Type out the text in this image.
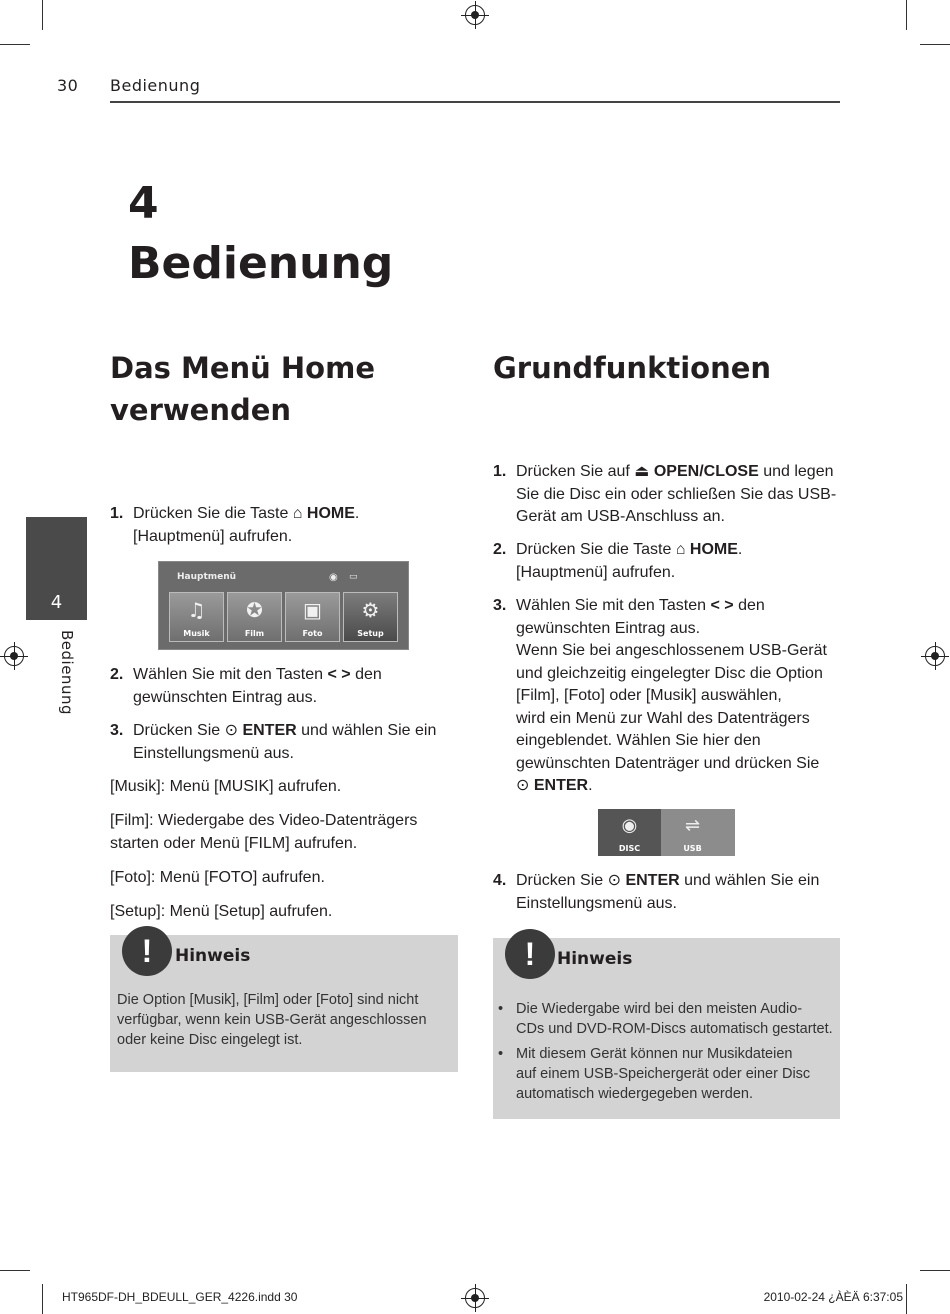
30 Bedienung
4
Bedienung
4
Bedienung
Das Menü Home verwenden
1. Drücken Sie die Taste ⌂ HOME.
[Hauptmenü] aufrufen.
Hauptmenü	◉ ▭
♫
Musik
✪
Film
▣
Foto
⚙
Setup
2. Wählen Sie mit den Tasten < > den
gewünschten Eintrag aus.
3. Drücken Sie ⊙ ENTER und wählen Sie ein
Einstellungsmenü aus.
[Musik]: Menü [MUSIK] aufrufen.
[Film]: Wiedergabe des Video-Datenträgers
starten oder Menü [FILM] aufrufen.
[Foto]: Menü [FOTO] aufrufen.
[Setup]: Menü [Setup] aufrufen.
!	Hinweis
Die Option [Musik], [Film] oder [Foto] sind nicht
verfügbar, wenn kein USB-Gerät angeschlossen
oder keine Disc eingelegt ist.
Grundfunktionen
1. Drücken Sie auf ⏏ OPEN/CLOSE und legen
Sie die Disc ein oder schließen Sie das USB-
Gerät am USB-Anschluss an.
2. Drücken Sie die Taste ⌂ HOME.
[Hauptmenü] aufrufen.
3. Wählen Sie mit den Tasten < > den
gewünschten Eintrag aus.
Wenn Sie bei angeschlossenem USB-Gerät
und gleichzeitig eingelegter Disc die Option
[Film], [Foto] oder [Musik] auswählen,
wird ein Menü zur Wahl des Datenträgers
eingeblendet. Wählen Sie hier den
gewünschten Datenträger und drücken Sie
⊙ ENTER.
◉
DISC
⇌
USB
4. Drücken Sie ⊙ ENTER und wählen Sie ein
Einstellungsmenü aus.
!	Hinweis
• Die Wiedergabe wird bei den meisten Audio-
CDs und DVD-ROM-Discs automatisch gestartet.
• Mit diesem Gerät können nur Musikdateien
auf einem USB-Speichergerät oder einer Disc
automatisch wiedergegeben werden.
HT965DF-DH_BDEULL_GER_4226.indd 30	2010-02-24 ¿ÀÈÄ 6:37:05
